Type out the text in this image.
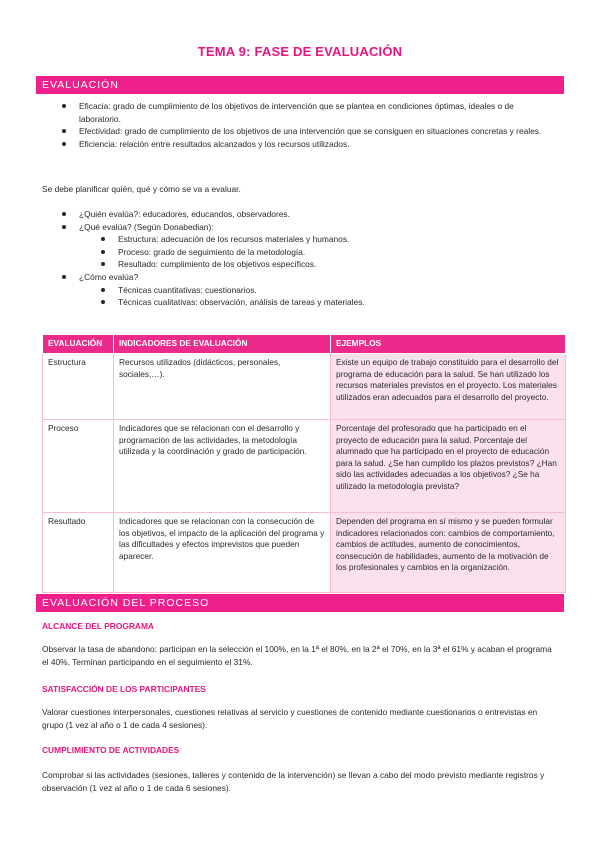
TEMA 9: FASE DE EVALUACIÓN
EVALUACIÓN
Eficacia: grado de cumplimiento de los objetivos de intervención que se plantea en condiciones óptimas, ideales o de laboratorio.
Efectividad: grado de cumplimiento de los objetivos de una intervención que se consiguen en situaciones concretas y reales.
Eficiencia: relación entre resultados alcanzados y los recursos utilizados.
Se debe planificar quién, qué y cómo se va a evaluar.
¿Quién evalúa?: educadores, educandos, observadores.
¿Qué evalúa? (Según Donabedian):
Estructura: adecuación de los recursos materiales y humanos.
Proceso: grado de seguimiento de la metodología.
Resultado: cumplimiento de los objetivos específicos.
¿Cómo evalúa?
Técnicas cuantitativas: cuestionarios.
Técnicas cualitativas: observación, análisis de tareas y materiales.
EVALUACIÓN	INDICADORES DE EVALUACIÓN	EJEMPLOS
Estructura	Recursos utilizados (didácticos, personales, sociales,…).	Existe un equipo de trabajo constituido para el desarrollo del programa de educación para la salud. Se han utilizado los recursos materiales previstos en el proyecto. Los materiales utilizados eran adecuados para el desarrollo del proyecto.
Proceso	Indicadores que se relacionan con el desarrollo y programación de las actividades, la metodología utilizada y la coordinación y grado de participación.	Porcentaje del profesorado que ha participado en el proyecto de educación para la salud. Porcentaje del alumnado que ha participado en el proyecto de educación para la salud. ¿Se han cumplido los plazos previstos? ¿Han sido las actividades adecuadas a los objetivos? ¿Se ha utilizado la metodología prevista?
Resultado	Indicadores que se relacionan con la consecución de los objetivos, el impacto de la aplicación del programa y las dificultades y efectos imprevistos que pueden aparecer.	Dependen del programa en sí mismo y se pueden formular indicadores relacionados con: cambios de comportamiento, cambios de actitudes, aumento de conocimientos, consecución de habilidades, aumento de la motivación de los profesionales y cambios en la organización.
EVALUACIÓN DEL PROCESO
ALCANCE DEL PROGRAMA
Observar la tasa de abandono: participan en la selección el 100%, en la 1ª el 80%, en la 2ª el 70%, en la 3ª el 61% y acaban el programa el 40%. Terminan participando en el seguimiento el 31%.
SATISFACCIÓN DE LOS PARTICIPANTES
Valorar cuestiones interpersonales, cuestiones relativas al servicio y cuestiones de contenido mediante cuestionarios o entrevistas en grupo (1 vez al año o 1 de cada 4 sesiones).
CUMPLIMIENTO DE ACTIVIDADES
Comprobar si las actividades (sesiones, talleres y contenido de la intervención) se llevan a cabo del modo previsto mediante registros y observación (1 vez al año o 1 de cada 6 sesiones).
